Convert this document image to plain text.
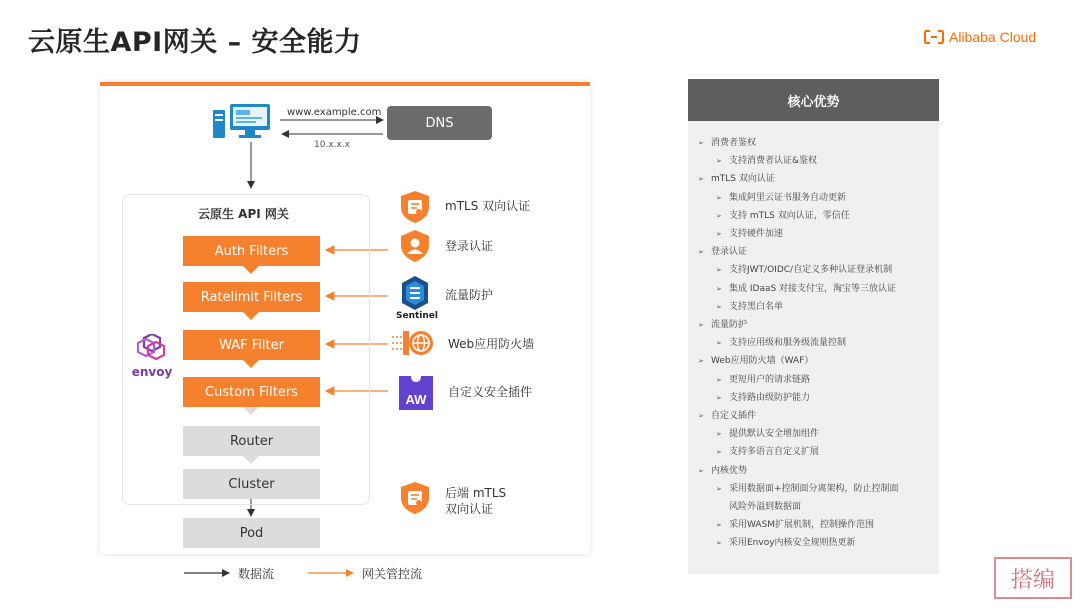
云原生API网关 – 安全能力	Alibaba Cloud
www.example.com
10.x.x.x
DNS
云原生 API 网关
Auth Filters
Ratelimit Filters
WAF Filter
Custom Filters
Router
Cluster
Pod
envoy
mTLS 双向认证
登录认证
Sentinel
流量防护
Web应用防火墙
AW 自定义安全插件
后端 mTLS
双向认证
数据流	网关管控流
核心优势
➢ 消费者鉴权
➢ 支持消费者认证&鉴权
➢ mTLS 双向认证
➢ 集成阿里云证书服务自动更新
➢ 支持 mTLS 双向认证，零信任
➢ 支持硬件加速
➢ 登录认证
➢ 支持JWT/OIDC/自定义多种认证登录机制
➢ 集成 IDaaS 对接支付宝，淘宝等三放认证
➢ 支持黑白名单
➢ 流量防护
➢ 支持应用级和服务级流量控制
➢ Web应用防火墙（WAF）
➢ 更短用户的请求链路
➢ 支持路由级防护能力
➢ 自定义插件
➢ 提供默认安全增加组件
➢ 支持多语言自定义扩展
➢ 内核优势
➢ 采用数据面+控制面分离架构，防止控制面
风险外溢到数据面
➢ 采用WASM扩展机制，控制操作范围
➢ 采用Envoy内核安全规则热更新
搭编
